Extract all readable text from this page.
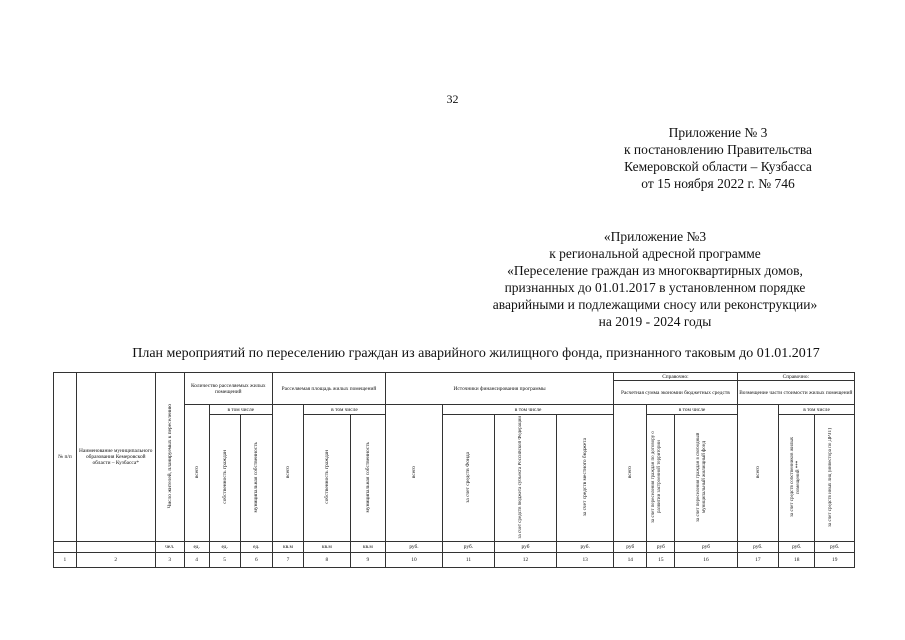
32
Приложение № 3
к постановлению Правительства
Кемеровской области – Кузбасса
от 15 ноября 2022 г. № 746
«Приложение №3
к региональной адресной программе
«Переселение граждан из многоквартирных домов,
признанных до 01.01.2017 в установленном порядке
аварийными и подлежащими сносу или реконструкции»
на 2019 - 2024 годы
План мероприятий по переселению граждан из аварийного жилищного фонда, признанного таковым до 01.01.2017
№ п/п	Наименование муниципального образования Кемеровской области – Кузбасса*	Число жителей, планируемых к переселению	Количество расселяемых жилых помещений			Расселяемая площадь жилых помещений			Источники финансирования программы				Справочно:			Справочно:		
													Расчетная сумма экономии бюджетных средств			Возмещение части стоимости жилых помещений		
			всего	в том числе		всего	в том числе		всего	в том числе			всего	в том числе		всего	в том числе	
				собственность граждан	муниципальная собственность		собственность граждан	муниципальная собственность		за счет средств Фонда	за счет средств бюджета субъекта Российской Федерации	за счет средств местного бюджета		за счет переселения граждан по договору о развитии застроенной территории	за счет переселения граждан в свободный муниципальный жилищный фонд		за счет средств собственников жилых помещений ***	за счет средств иных лиц (инвестора по ДРЗТ)
		чел.	ед.	ед.	ед.	кв.м	кв.м	кв.м	руб.	руб.	руб	руб.	руб	руб	руб	руб.	руб.	руб.
1	2	3	4	5	6	7	8	9	10	11	12	13	14	15	16	17	18	19
